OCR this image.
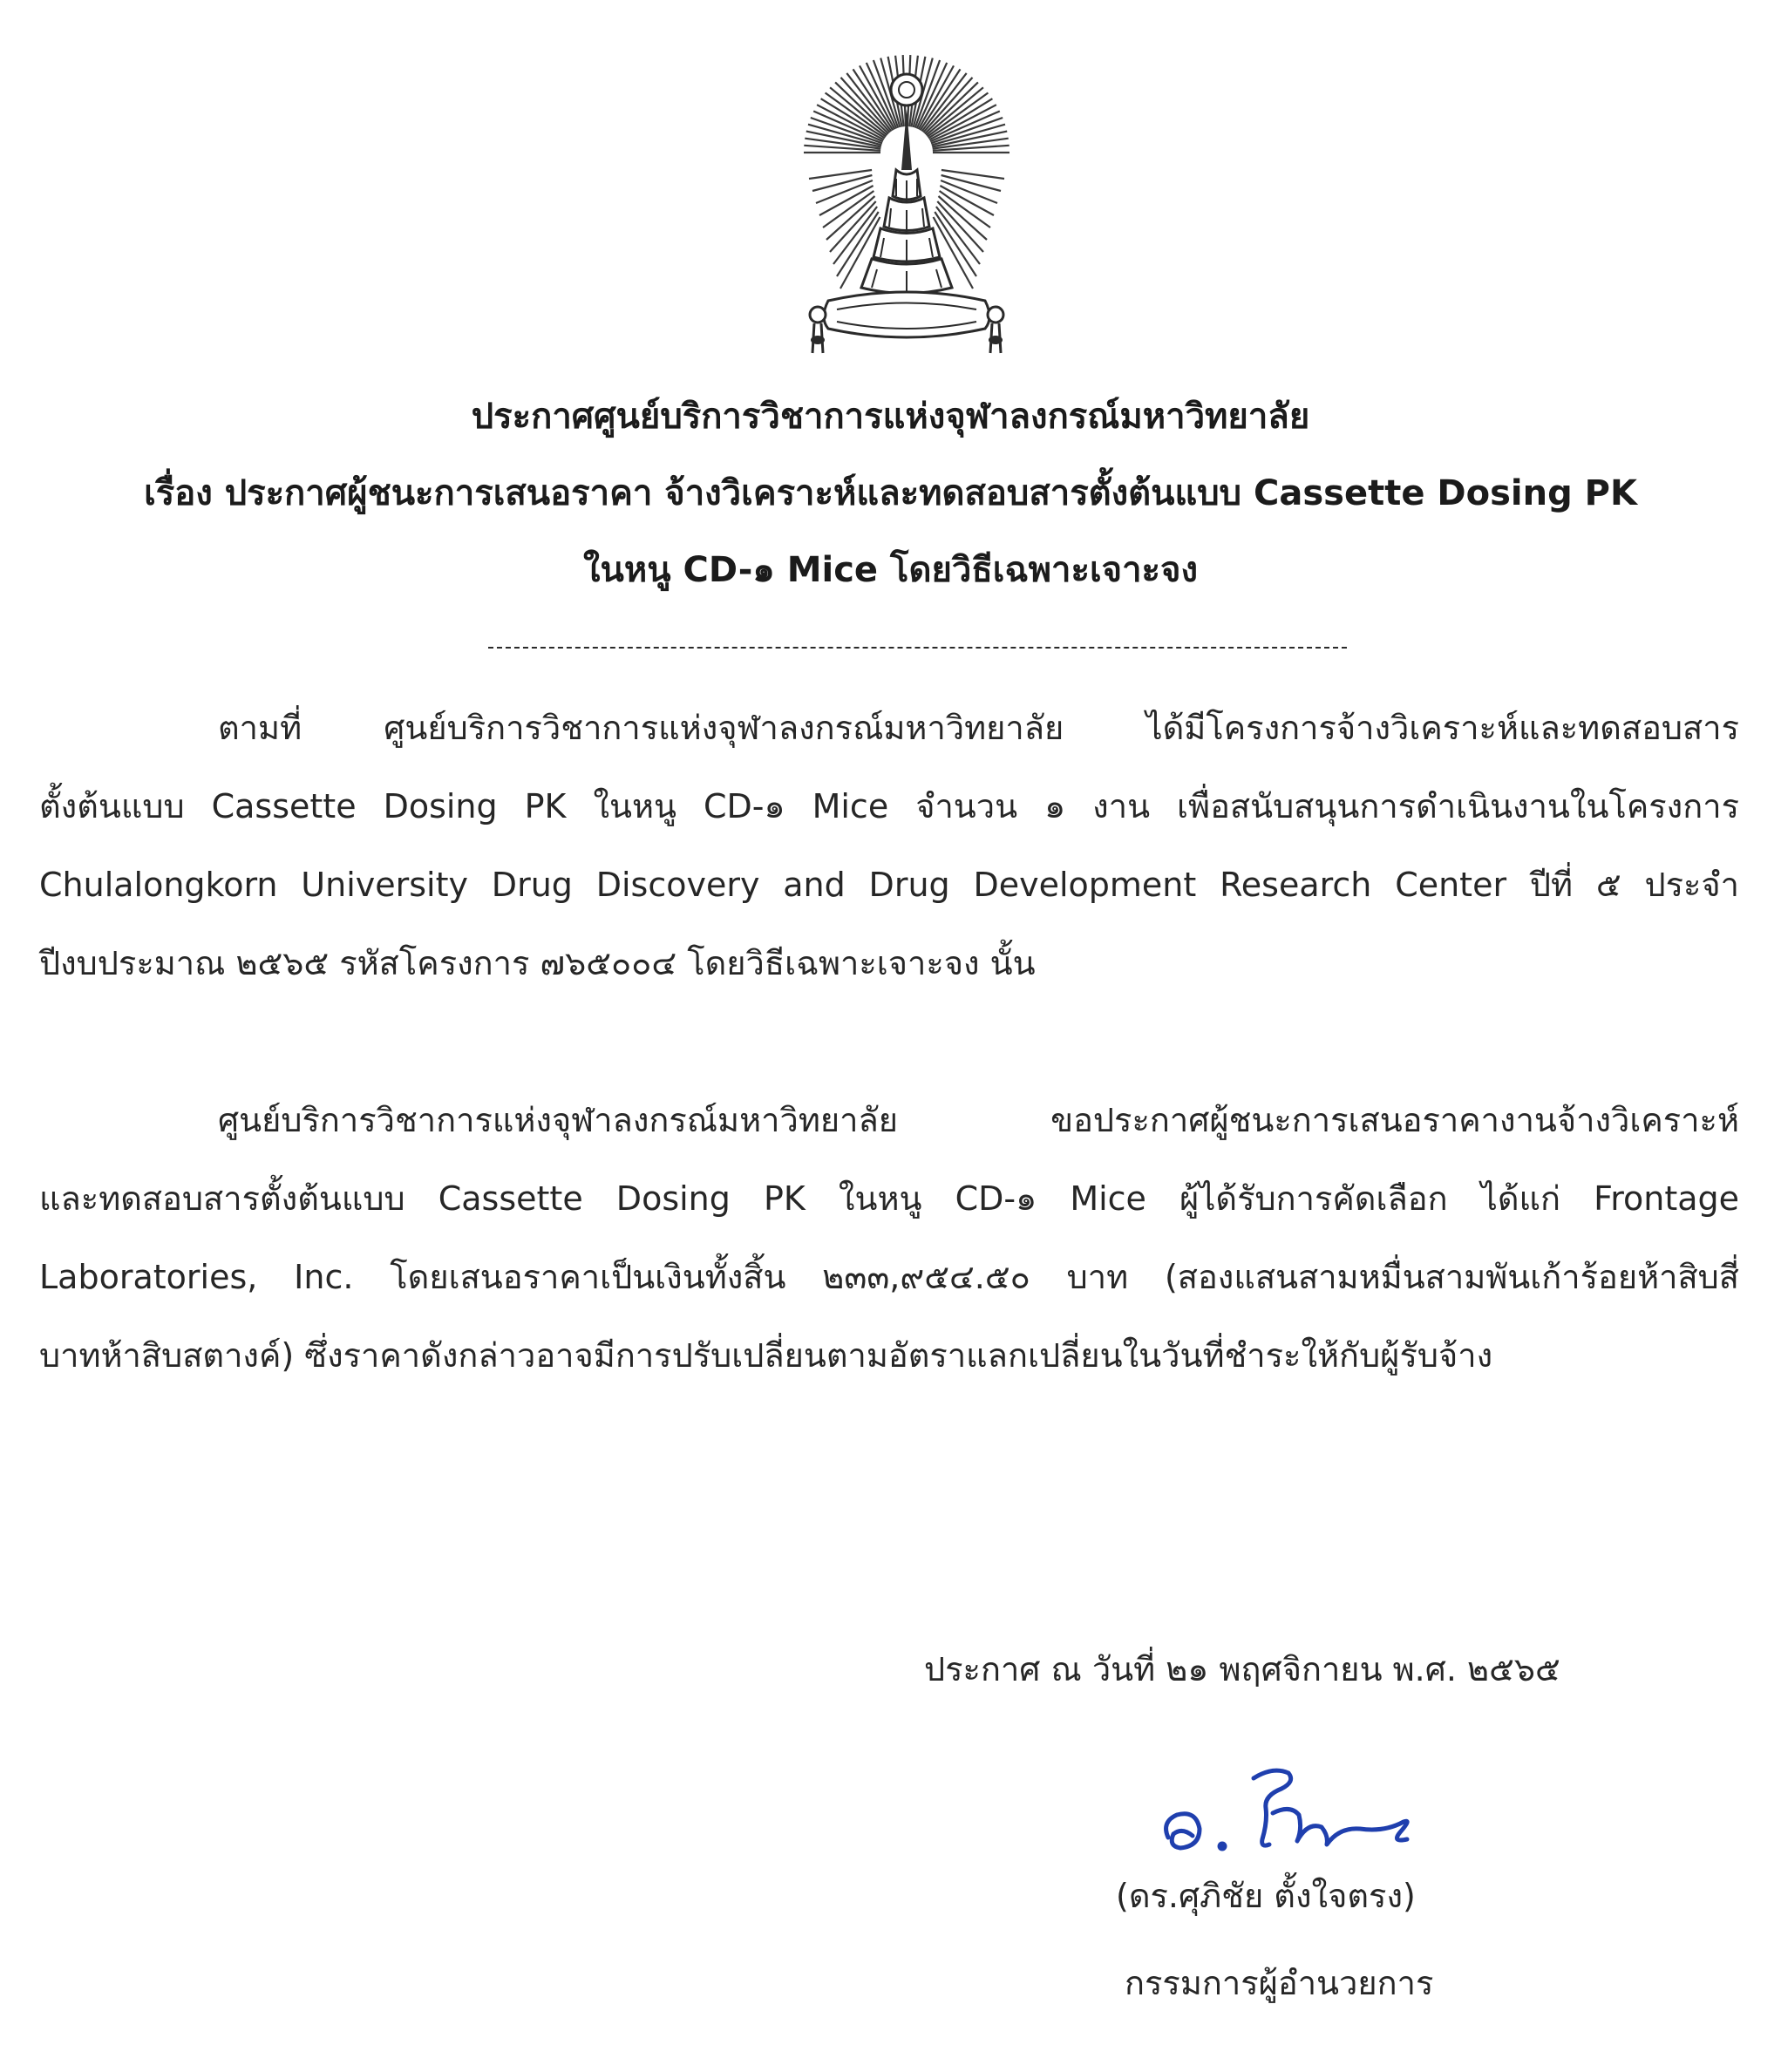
ประกาศศูนย์บริการวิชาการแห่งจุฬาลงกรณ์มหาวิทยาลัย
เรื่อง ประกาศผู้ชนะการเสนอราคา จ้างวิเคราะห์และทดสอบสารตั้งต้นแบบ Cassette Dosing PK
ในหนู CD-๑ Mice โดยวิธีเฉพาะเจาะจง
ตามที่ ศูนย์บริการวิชาการแห่งจุฬาลงกรณ์มหาวิทยาลัย ได้มีโครงการจ้างวิเคราะห์และทดสอบสาร
ตั้งต้นแบบ Cassette Dosing PK ในหนู CD-๑ Mice จำนวน ๑ งาน เพื่อสนับสนุนการดำเนินงานในโครงการ
Chulalongkorn University Drug Discovery and Drug Development Research Center ปีที่ ๕ ประจำ
ปีงบประมาณ ๒๕๖๕ รหัสโครงการ ๗๖๕๐๐๔ โดยวิธีเฉพาะเจาะจง นั้น
ศูนย์บริการวิชาการแห่งจุฬาลงกรณ์มหาวิทยาลัย ขอประกาศผู้ชนะการเสนอราคางานจ้างวิเคราะห์
และทดสอบสารตั้งต้นแบบ Cassette Dosing PK ในหนู CD-๑ Mice ผู้ได้รับการคัดเลือก ได้แก่ Frontage
Laboratories, Inc. โดยเสนอราคาเป็นเงินทั้งสิ้น ๒๓๓,๙๕๔.๕๐ บาท (สองแสนสามหมื่นสามพันเก้าร้อยห้าสิบสี่
บาทห้าสิบสตางค์) ซึ่งราคาดังกล่าวอาจมีการปรับเปลี่ยนตามอัตราแลกเปลี่ยนในวันที่ชำระให้กับผู้รับจ้าง
ประกาศ ณ วันที่ ๒๑ พฤศจิกายน พ.ศ. ๒๕๖๕
(ดร.ศุภิชัย ตั้งใจตรง)
กรรมการผู้อำนวยการ
